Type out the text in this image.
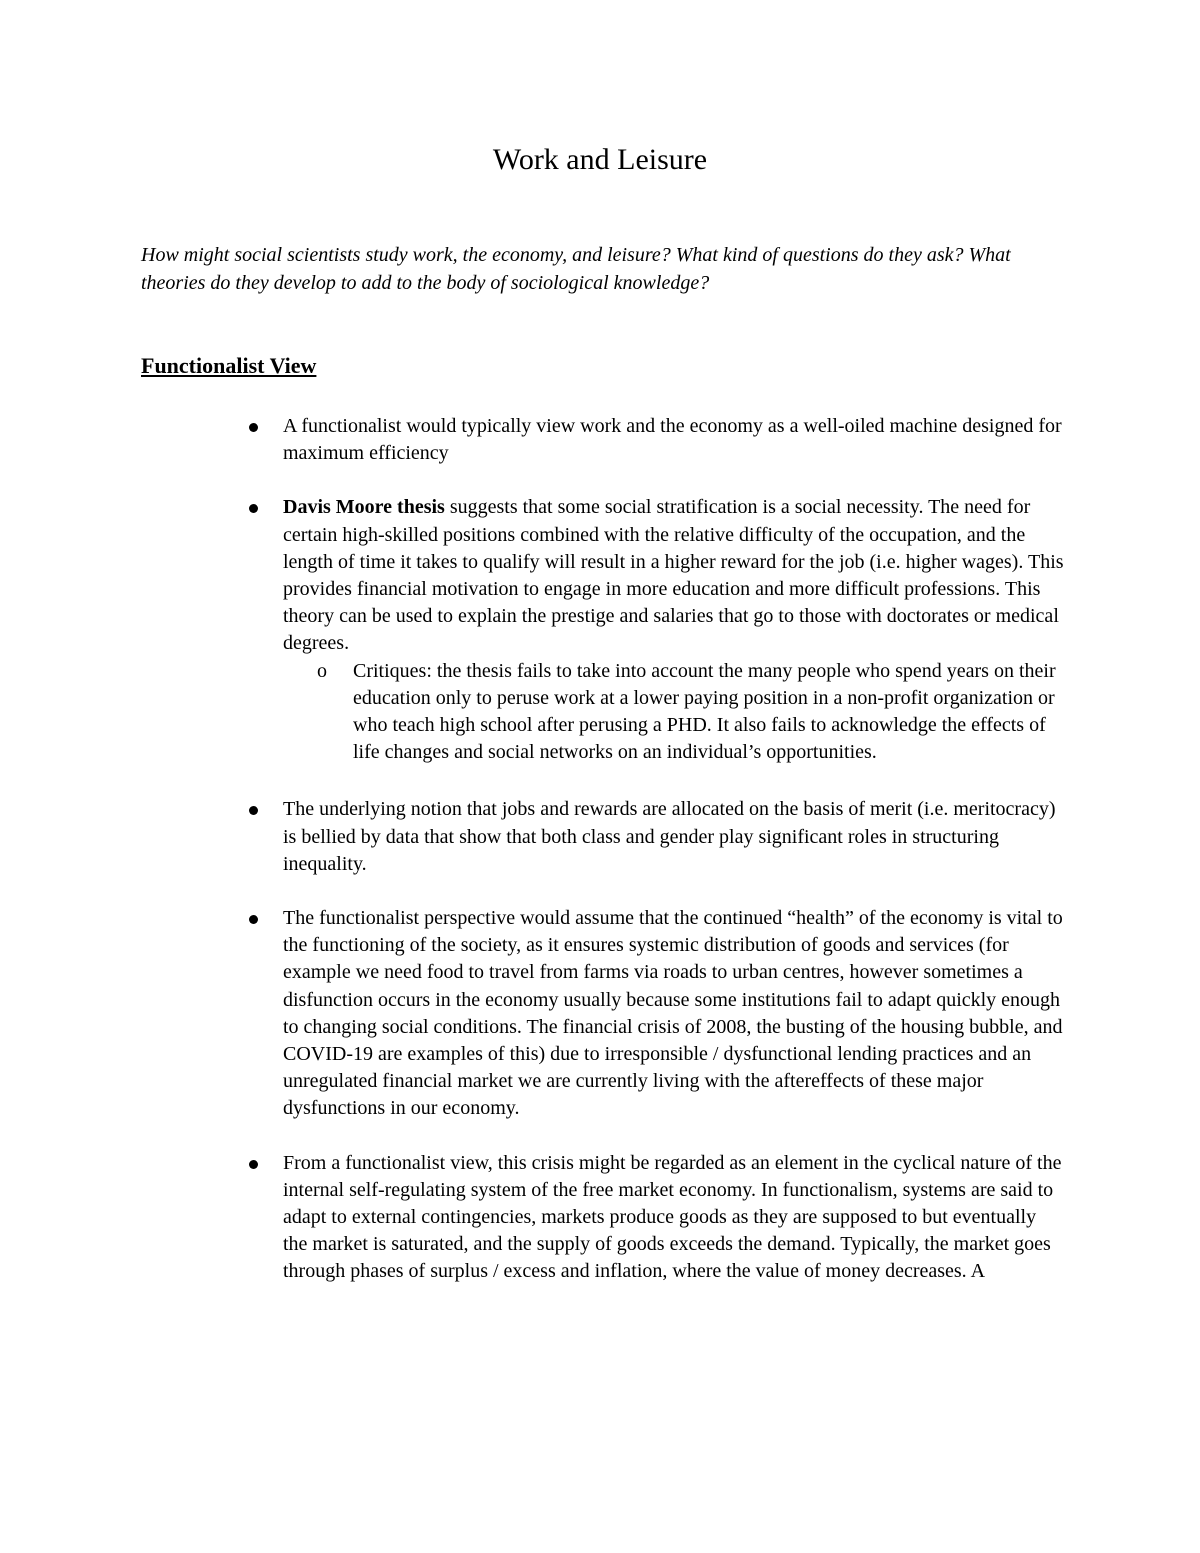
Work and Leisure

How might social scientists study work, the economy, and leisure? What kind of questions do they ask? What theories do they develop to add to the body of sociological knowledge?

Functionalist View
A functionalist would typically view work and the economy as a well-oiled machine designed for maximum efficiency
Davis Moore thesis suggests that some social stratification is a social necessity. The need for certain high-skilled positions combined with the relative difficulty of the occupation, and the length of time it takes to qualify will result in a higher reward for the job (i.e. higher wages). This provides financial motivation to engage in more education and more difficult professions. This theory can be used to explain the prestige and salaries that go to those with doctorates or medical degrees.
o Critiques: the thesis fails to take into account the many people who spend years on their education only to peruse work at a lower paying position in a non-profit organization or who teach high school after perusing a PHD. It also fails to acknowledge the effects of life changes and social networks on an individual’s opportunities.
The underlying notion that jobs and rewards are allocated on the basis of merit (i.e. meritocracy) is bellied by data that show that both class and gender play significant roles in structuring inequality.
The functionalist perspective would assume that the continued “health” of the economy is vital to the functioning of the society, as it ensures systemic distribution of goods and services (for example we need food to travel from farms via roads to urban centres, however sometimes a disfunction occurs in the economy usually because some institutions fail to adapt quickly enough to changing social conditions. The financial crisis of 2008, the busting of the housing bubble, and COVID-19 are examples of this) due to irresponsible / dysfunctional lending practices and an unregulated financial market we are currently living with the aftereffects of these major dysfunctions in our economy.
From a functionalist view, this crisis might be regarded as an element in the cyclical nature of the internal self-regulating system of the free market economy. In functionalism, systems are said to adapt to external contingencies, markets produce goods as they are supposed to but eventually the market is saturated, and the supply of goods exceeds the demand. Typically, the market goes through phases of surplus / excess and inflation, where the value of money decreases. A
